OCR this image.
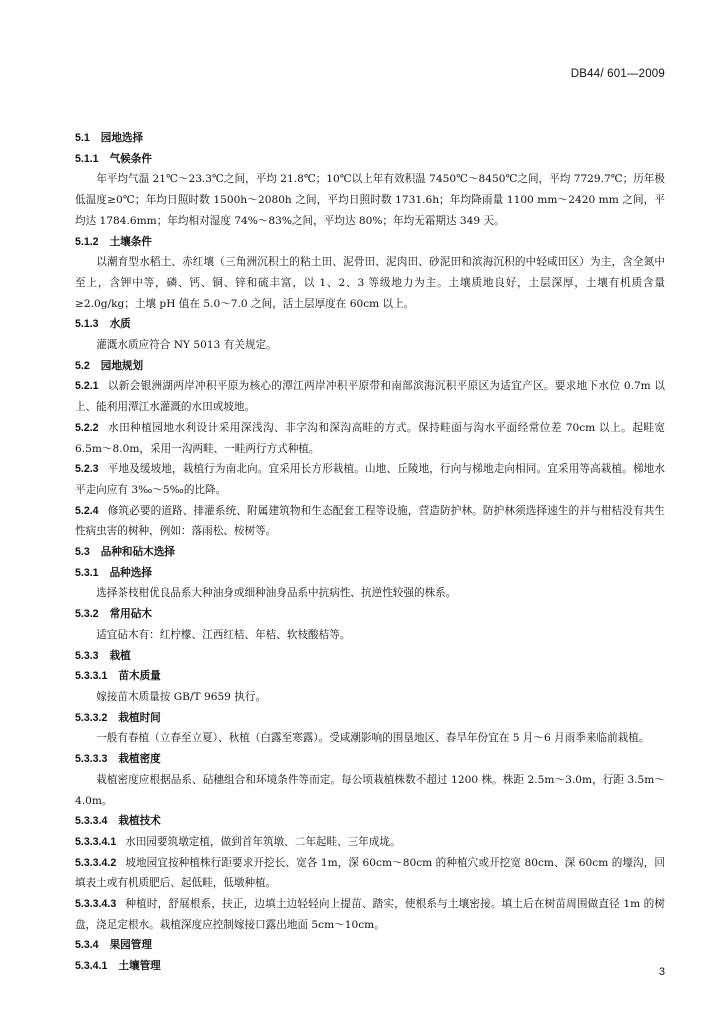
DB44/ 601—2009
5.1 园地选择
5.1.1 气候条件

年平均气温 21℃～23.3℃之间，平均 21.8℃；10℃以上年有效积温 7450℃～8450℃之间，平均 7729.7℃；历年极低温度≥0℃；年均日照时数 1500h～2080h 之间，平均日照时数 1731.6h；年均降雨量 1100 mm～2420 mm 之间，平均达 1784.6mm；年均相对湿度 74%～83%之间，平均达 80%；年均无霜期达 349 天。

5.1.2 土壤条件

以潮育型水稻土、赤红壤（三角洲沉积土的粘土田、泥骨田、泥肉田、砂泥田和滨海沉积的中轻咸田区）为主，含全氮中至上，含钾中等，磷、钙、铜、锌和硫丰富，以 1、2、3 等级地力为主。土壤质地良好，土层深厚，土壤有机质含量≥2.0g/kg；土壤 pH 值在 5.0～7.0 之间，活土层厚度在 60cm 以上。

5.1.3 水质

灌溉水质应符合 NY 5013 有关规定。

5.2 园地规划

5.2.1 以新会银洲湖两岸冲积平原为核心的潭江两岸冲积平原带和南部滨海沉积平原区为适宜产区。要求地下水位 0.7m 以上、能利用潭江水灌溉的水田或坡地。

5.2.2 水田种植园地水利设计采用深浅沟、非字沟和深沟高畦的方式。保持畦面与沟水平面经常位差 70cm 以上。起畦宽 6.5m～8.0m，采用一沟两畦、一畦两行方式种植。

5.2.3 平地及缓坡地，栽植行为南北向。宜采用长方形栽植。山地、丘陵地，行向与梯地走向相同。宜采用等高栽植。梯地水平走向应有 3‰～5‰的比降。

5.2.4 修筑必要的道路、排灌系统、附属建筑物和生态配套工程等设施，营造防护林。防护林须选择速生的并与柑桔没有共生性病虫害的树种，例如：落雨松、桉树等。

5.3 品种和砧木选择
5.3.1 品种选择

选择茶枝柑优良品系大种油身或细种油身品系中抗病性、抗逆性较强的株系。

5.3.2 常用砧木

适宜砧木有：红柠檬、江西红桔、年桔、软枝酸桔等。

5.3.3 栽植
5.3.3.1 苗木质量

嫁接苗木质量按 GB/T 9659 执行。

5.3.3.2 栽植时间

一般有春植（立春至立夏）、秋植（白露至寒露）。受咸潮影响的围垦地区、春旱年份宜在 5 月～6 月雨季来临前栽植。

5.3.3.3 栽植密度

栽植密度应根据品系、砧穗组合和环境条件等而定。每公顷栽植株数不超过 1200 株。株距 2.5m～3.0m，行距 3.5m～4.0m。

5.3.3.4 栽植技术

5.3.3.4.1 水田园要筑墩定植，做到首年筑墩、二年起畦、三年成垅。

5.3.3.4.2 坡地园宜按种植株行距要求开挖长、宽各 1m，深 60cm～80cm 的种植穴或开挖宽 80cm、深 60cm 的壕沟，回填表土或有机质肥后、起低畦，低墩种植。

5.3.3.4.3 种植时，舒展根系，扶正，边填土边轻轻向上提苗、踏实，使根系与土壤密接。填土后在树苗周围做直径 1m 的树盘，浇足定根水。栽植深度应控制嫁接口露出地面 5cm～10cm。

5.3.4 果园管理
5.3.4.1 土壤管理	3
